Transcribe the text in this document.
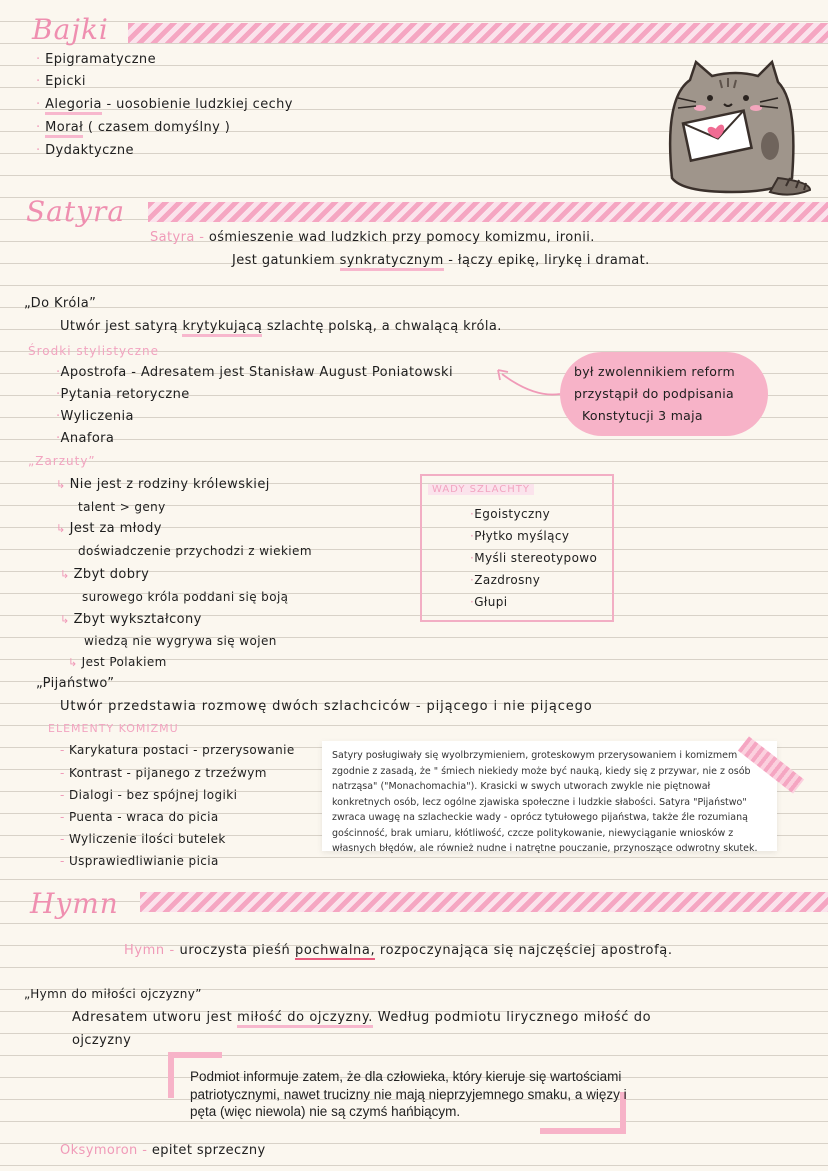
Bajki
· Epigramatyczne
· Epicki
· Alegoria - uosobienie ludzkiej cechy
· Morał ( czasem domyślny )
· Dydaktyczne
Satyra
Satyra - ośmieszenie wad ludzkich przy pomocy komizmu, ironii.
Jest gatunkiem synkratycznym - łączy epikę, lirykę i dramat.
„Do Króla”
Utwór jest satyrą krytykującą szlachtę polską, a chwalącą króla.
Środki stylistyczne
·Apostrofa - Adresatem jest Stanisław August Poniatowski
·Pytania retoryczne
·Wyliczenia
·Anafora
był zwolennikiem reform
przystąpił do podpisania
Konstytucji 3 maja
„Zarzuty”
↳ Nie jest z rodziny królewskiej
talent > geny
↳ Jest za młody
doświadczenie przychodzi z wiekiem
↳ Zbyt dobry
surowego króla poddani się boją
↳ Zbyt wykształcony
wiedzą nie wygrywa się wojen
↳ Jest Polakiem
WADY SZLACHTY
·Egoistyczny
·Płytko myślący
·Myśli stereotypowo
·Zazdrosny
·Głupi
„Pijaństwo”
Utwór przedstawia rozmowę dwóch szlachciców - pijącego i nie pijącego
ELEMENTY KOMIZMU
- Karykatura postaci - przerysowanie
- Kontrast - pijanego z trzeźwym
- Dialogi - bez spójnej logiki
- Puenta - wraca do picia
- Wyliczenie ilości butelek
- Usprawiedliwianie picia

Satyry posługiwały się wyolbrzymieniem, groteskowym przerysowaniem i komizmem zgodnie z zasadą, że " śmiech niekiedy może być nauką, kiedy się z przywar, nie z osób natrząsa" ("Monachomachia"). Krasicki w swych utworach zwykle nie piętnował konkretnych osób, lecz ogólne zjawiska społeczne i ludzkie słabości. Satyra "Pijaństwo" zwraca uwagę na szlacheckie wady - oprócz tytułowego pijaństwa, także źle rozumianą gościnność, brak umiaru, kłótliwość, czcze politykowanie, niewyciąganie wniosków z własnych błędów, ale również nudne i natrętne pouczanie, przynoszące odwrotny skutek.

Hymn
Hymn - uroczysta pieśń pochwalna, rozpoczynająca się najczęściej apostrofą.
„Hymn do miłości ojczyzny”
Adresatem utworu jest miłość do ojczyzny. Według podmiotu lirycznego miłość do
ojczyzny

Podmiot informuje zatem, że dla człowieka, który kieruje się wartościami patriotycznymi, nawet trucizny nie mają nieprzyjemnego smaku, a więzy i pęta (więc niewola) nie są czymś hańbiącym.

Oksymoron - epitet sprzeczny
